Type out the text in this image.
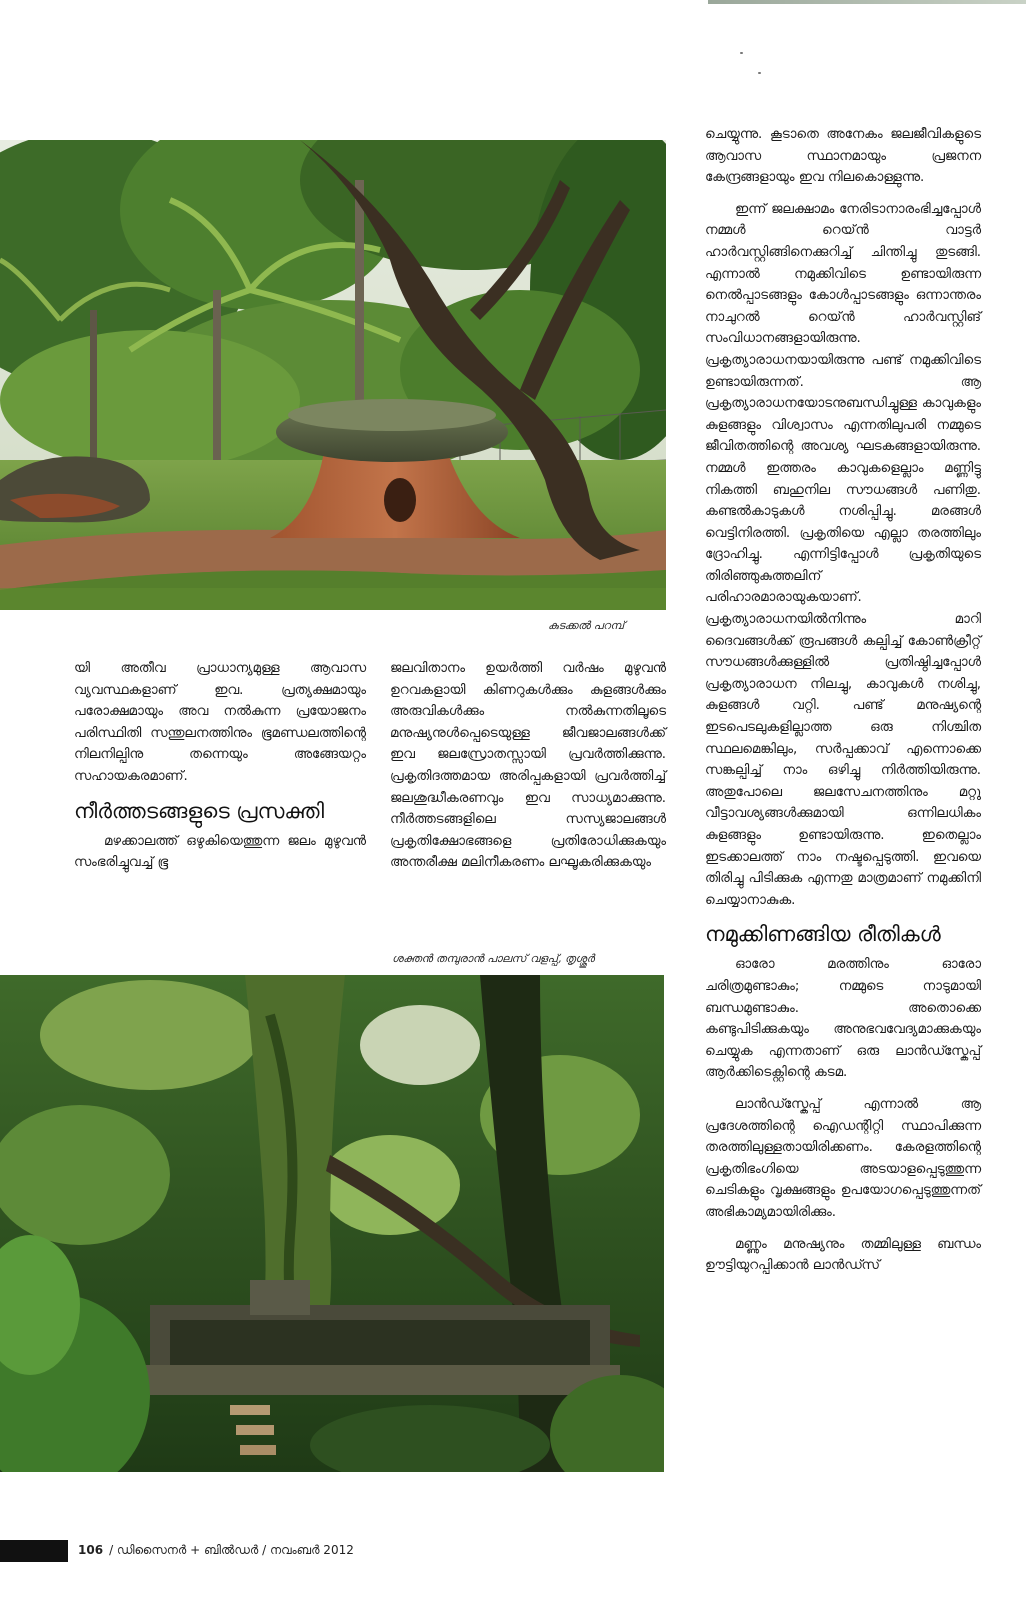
കുടക്കൽ പറമ്പ്

യി അതീവ പ്രാധാന്യമുള്ള ആവാസ വ്യവസ്ഥകളാണ് ഇവ. പ്രത്യക്ഷമായും പരോക്ഷമായും അവ നൽകുന്ന പ്രയോജനം പരിസ്ഥിതി സന്തുലനത്തിനും ഭൂമണ്ഡലത്തിന്റെ നിലനില്പിനു തന്നെയും അങ്ങേയറ്റം സഹായകരമാണ്.

നീർത്തടങ്ങളുടെ പ്രസക്തി

മഴക്കാലത്ത് ഒഴുകിയെത്തുന്ന ജലം മുഴുവൻ സംഭരിച്ചുവച്ച് ഭൂ

ജലവിതാനം ഉയർത്തി വർഷം മുഴുവൻ ഉറവകളായി കിണറുകൾക്കും കുളങ്ങൾക്കും അരുവികൾക്കും നൽകുന്നതിലൂടെ മനുഷ്യനുൾപ്പെടെയുള്ള ജീവജാലങ്ങൾക്ക് ഇവ ജലസ്രോതസ്സായി പ്രവർത്തിക്കുന്നു. പ്രകൃതിദത്തമായ അരിപ്പകളായി പ്രവർത്തിച്ച് ജലശുദ്ധീകരണവും ഇവ സാധ്യമാക്കുന്നു. നീർത്തടങ്ങളിലെ സസ്യജാലങ്ങൾ പ്രകൃതിക്ഷോഭങ്ങളെ പ്രതിരോധിക്കുകയും അന്തരീക്ഷ മലിനീകരണം ലഘൂകരിക്കുകയും

ശക്തൻ തമ്പുരാൻ പാലസ് വളപ്പ്, തൃശ്ശൂർ

ചെയ്യുന്നു. കൂടാതെ അനേകം ജലജീവികളുടെ ആവാസ സ്ഥാനമായും പ്രജനന കേന്ദ്രങ്ങളായും ഇവ നിലകൊള്ളുന്നു.

ഇന്ന് ജലക്ഷാമം നേരിടാനാരംഭിച്ചപ്പോൾ നമ്മൾ റെയ്ൻ വാട്ടർ ഹാർവസ്റ്റിങ്ങിനെക്കുറിച്ച് ചിന്തിച്ചു തുടങ്ങി. എന്നാൽ നമുക്കിവിടെ ഉണ്ടായിരുന്ന നെൽപ്പാടങ്ങളും കോൾപ്പാടങ്ങളും ഒന്നാന്തരം നാചുറൽ റെയ്ൻ ഹാർവസ്റ്റിങ് സംവിധാനങ്ങളായിരുന്നു. പ്രകൃത്യാരാധനയായിരുന്നു പണ്ട് നമുക്കിവിടെ ഉണ്ടായിരുന്നത്. ആ പ്രകൃത്യാരാധനയോടനുബന്ധിച്ചുള്ള കാവുകളും കുളങ്ങളും വിശ്വാസം എന്നതിലുപരി നമ്മുടെ ജീവിതത്തിന്റെ അവശ്യ ഘടകങ്ങളായിരുന്നു. നമ്മൾ ഇത്തരം കാവുകളെല്ലാം മണ്ണിട്ടു നികത്തി ബഹുനില സൗധങ്ങൾ പണിതു. കണ്ടൽകാടുകൾ നശിപ്പിച്ചു. മരങ്ങൾ വെട്ടിനിരത്തി. പ്രകൃതിയെ എല്ലാ തരത്തിലും ദ്രോഹിച്ചു. എന്നിട്ടിപ്പോൾ പ്രകൃതിയുടെ തിരിഞ്ഞുകുത്തലിന് പരിഹാരമാരായുകയാണ്. പ്രകൃത്യാരാധനയിൽനിന്നും മാറി ദൈവങ്ങൾക്ക് രൂപങ്ങൾ കല്പിച്ച് കോൺക്രീറ്റ് സൗധങ്ങൾക്കുള്ളിൽ പ്രതിഷ്ഠിച്ചപ്പോൾ പ്രകൃത്യാരാധന നിലച്ചു, കാവുകൾ നശിച്ചു, കുളങ്ങൾ വറ്റി. പണ്ട് മനുഷ്യന്റെ ഇടപെടലുകളില്ലാത്ത ഒരു നിശ്ചിത സ്ഥലമെങ്കിലും, സർപ്പക്കാവ് എന്നൊക്കെ സങ്കല്പിച്ച് നാം ഒഴിച്ചു നിർത്തിയിരുന്നു. അതുപോലെ ജലസേചനത്തിനും മറ്റു വീട്ടാവശ്യങ്ങൾക്കുമായി ഒന്നിലധികം കുളങ്ങളും ഉണ്ടായിരുന്നു. ഇതെല്ലാം ഇടക്കാലത്ത് നാം നഷ്ടപ്പെടുത്തി. ഇവയെ തിരിച്ചു പിടിക്കുക എന്നതു മാത്രമാണ് നമുക്കിനി ചെയ്യാനാകുക.

നമുക്കിണങ്ങിയ രീതികൾ

ഓരോ മരത്തിനും ഓരോ ചരിത്രമുണ്ടാകും; നമ്മുടെ നാടുമായി ബന്ധമുണ്ടാകും. അതൊക്കെ കണ്ടുപിടിക്കുകയും അനുഭവവേദ്യമാക്കുകയും ചെയ്യുക എന്നതാണ് ഒരു ലാൻഡ്സ്കേപ്പ് ആർക്കിടെക്റ്റിന്റെ കടമ.

ലാൻഡ്സ്കേപ്പ് എന്നാൽ ആ പ്രദേശത്തിന്റെ ഐഡന്റിറ്റി സ്ഥാപിക്കുന്ന തരത്തിലുള്ളതായിരിക്കണം. കേരളത്തിന്റെ പ്രകൃതിഭംഗിയെ അടയാളപ്പെടുത്തുന്ന ചെടികളും വൃക്ഷങ്ങളും ഉപയോഗപ്പെടുത്തുന്നത് അഭികാമ്യമായിരിക്കും.

മണ്ണും മനുഷ്യനും തമ്മിലുള്ള ബന്ധം ഊട്ടിയുറപ്പിക്കാൻ ലാൻഡ്സ്

106 / ഡിസൈനർ + ബിൽഡർ / നവംബർ 2012
